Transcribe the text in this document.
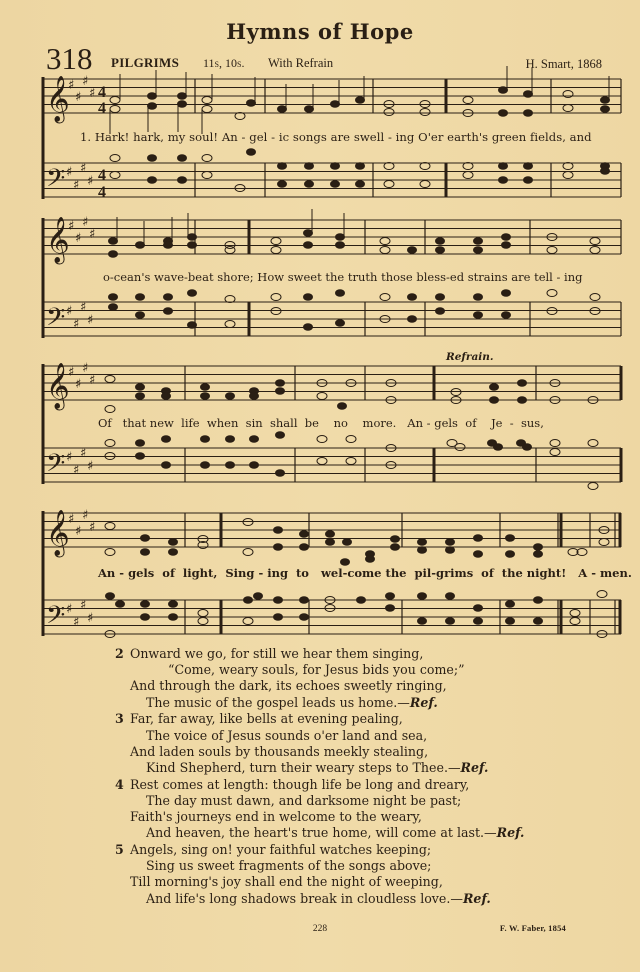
Hymns of Hope
318 PILGRIMS 11s, 10s. With Refrain	H. Smart, 1868
𝄞
𝄢
♯
♯
♯
♯
♯
♯
♯
♯
4
4
4
4
1. Hark! hark, my soul! An - gel - ic songs are swell - ing O'er earth's green fields, and
𝄞
𝄢
♯
♯
♯
♯
♯
♯
♯
♯
o-cean's wave-beat shore; How sweet the truth those bless-ed strains are tell - ing
𝄞
𝄢
♯
♯
♯
♯
♯
♯
♯
♯
Refrain.
Of   that new  life  when  sin  shall  be    no    more.   An - gels  of    Je  -  sus,
𝄞
𝄢
♯
♯
♯
♯
♯
♯
♯
♯
An - gels  of  light,  Sing - ing  to   wel-come the  pil-grims  of  the night!   A - men.
2 Onward we go, for still we hear them singing,
“Come, weary souls, for Jesus bids you come;”
And through the dark, its echoes sweetly ringing,
The music of the gospel leads us home.—Ref.
3 Far, far away, like bells at evening pealing,
The voice of Jesus sounds o'er land and sea,
And laden souls by thousands meekly stealing,
Kind Shepherd, turn their weary steps to Thee.—Ref.
4 Rest comes at length: though life be long and dreary,
The day must dawn, and darksome night be past;
Faith's journeys end in welcome to the weary,
And heaven, the heart's true home, will come at last.—Ref.
5 Angels, sing on! your faithful watches keeping;
Sing us sweet fragments of the songs above;
Till morning's joy shall end the night of weeping,
And life's long shadows break in cloudless love.—Ref.
228	F. W. Faber, 1854
